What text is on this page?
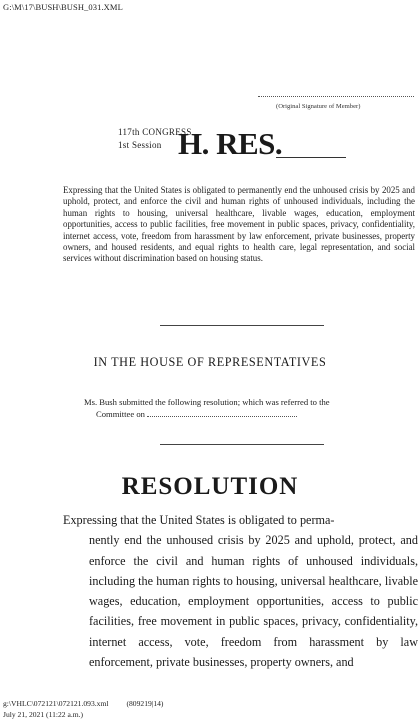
G:\M\17\BUSH\BUSH_031.XML
(Original Signature of Member)
117th CONGRESS
1st Session H. RES.
Expressing that the United States is obligated to permanently end the unhoused crisis by 2025 and uphold, protect, and enforce the civil and human rights of unhoused individuals, including the human rights to housing, universal healthcare, livable wages, education, employment opportunities, access to public facilities, free movement in public spaces, privacy, confidentiality, internet access, vote, freedom from harassment by law enforcement, private businesses, property owners, and housed residents, and equal rights to health care, legal representation, and social services without discrimination based on housing status.
IN THE HOUSE OF REPRESENTATIVES
Ms. Bush submitted the following resolution; which was referred to the
Committee on
RESOLUTION
Expressing that the United States is obligated to perma-
nently end the unhoused crisis by 2025 and uphold, protect, and enforce the civil and human rights of unhoused individuals, including the human rights to housing, universal healthcare, livable wages, education, employment opportunities, access to public facilities, free movement in public spaces, privacy, confidentiality, internet access, vote, freedom from harassment by law enforcement, private businesses, property owners, and
g:\VHLC\072121\072121.093.xml (809219|14)
July 21, 2021 (11:22 a.m.)
